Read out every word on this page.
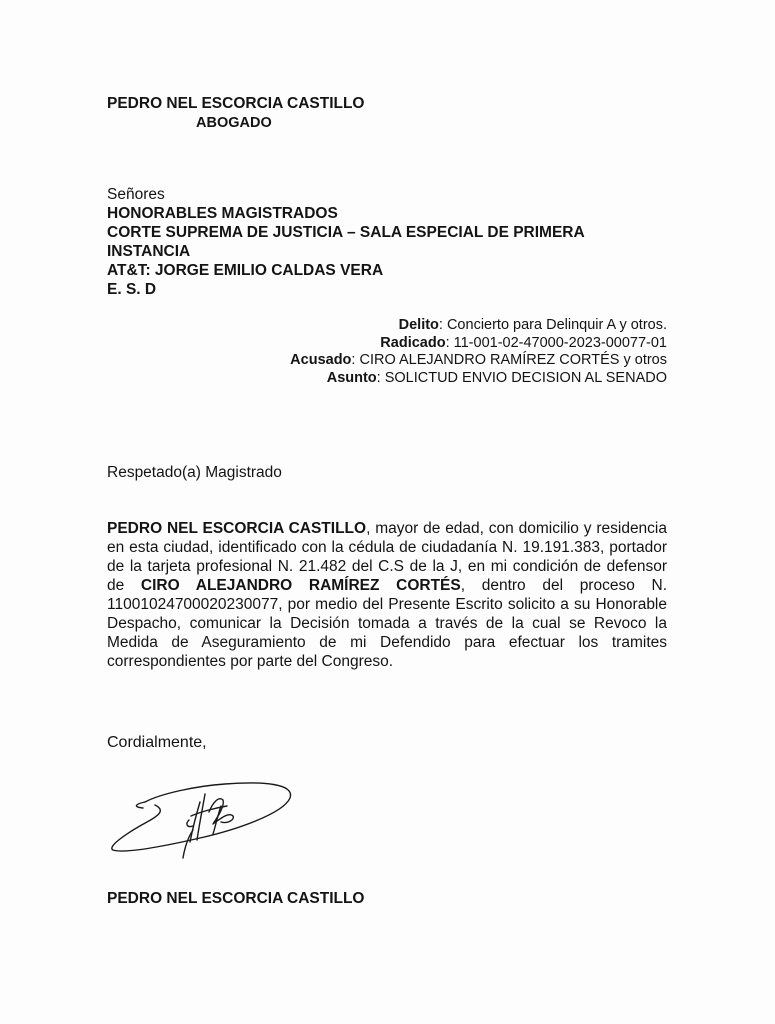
PEDRO NEL ESCORCIA CASTILLO
ABOGADO
Señores
HONORABLES MAGISTRADOS
CORTE SUPREMA DE JUSTICIA – SALA ESPECIAL DE PRIMERA
INSTANCIA
AT&T: JORGE EMILIO CALDAS VERA
E. S. D
Delito: Concierto para Delinquir A y otros.
Radicado: 11-001-02-47000-2023-00077-01
Acusado: CIRO ALEJANDRO RAMÍREZ CORTÉS y otros
Asunto: SOLICTUD ENVIO DECISION AL SENADO
Respetado(a) Magistrado
PEDRO NEL ESCORCIA CASTILLO, mayor de edad, con domicilio y residencia en esta ciudad, identificado con la cédula de ciudadanía N. 19.191.383, portador de la tarjeta profesional N. 21.482 del C.S de la J, en mi condición de defensor de CIRO ALEJANDRO RAMÍREZ CORTÉS, dentro del proceso N. 11001024700020230077, por medio del Presente Escrito solicito a su Honorable Despacho, comunicar la Decisión tomada a través de la cual se Revoco la Medida de Aseguramiento de mi Defendido para efectuar los tramites correspondientes por parte del Congreso.
Cordialmente,
PEDRO NEL ESCORCIA CASTILLO
